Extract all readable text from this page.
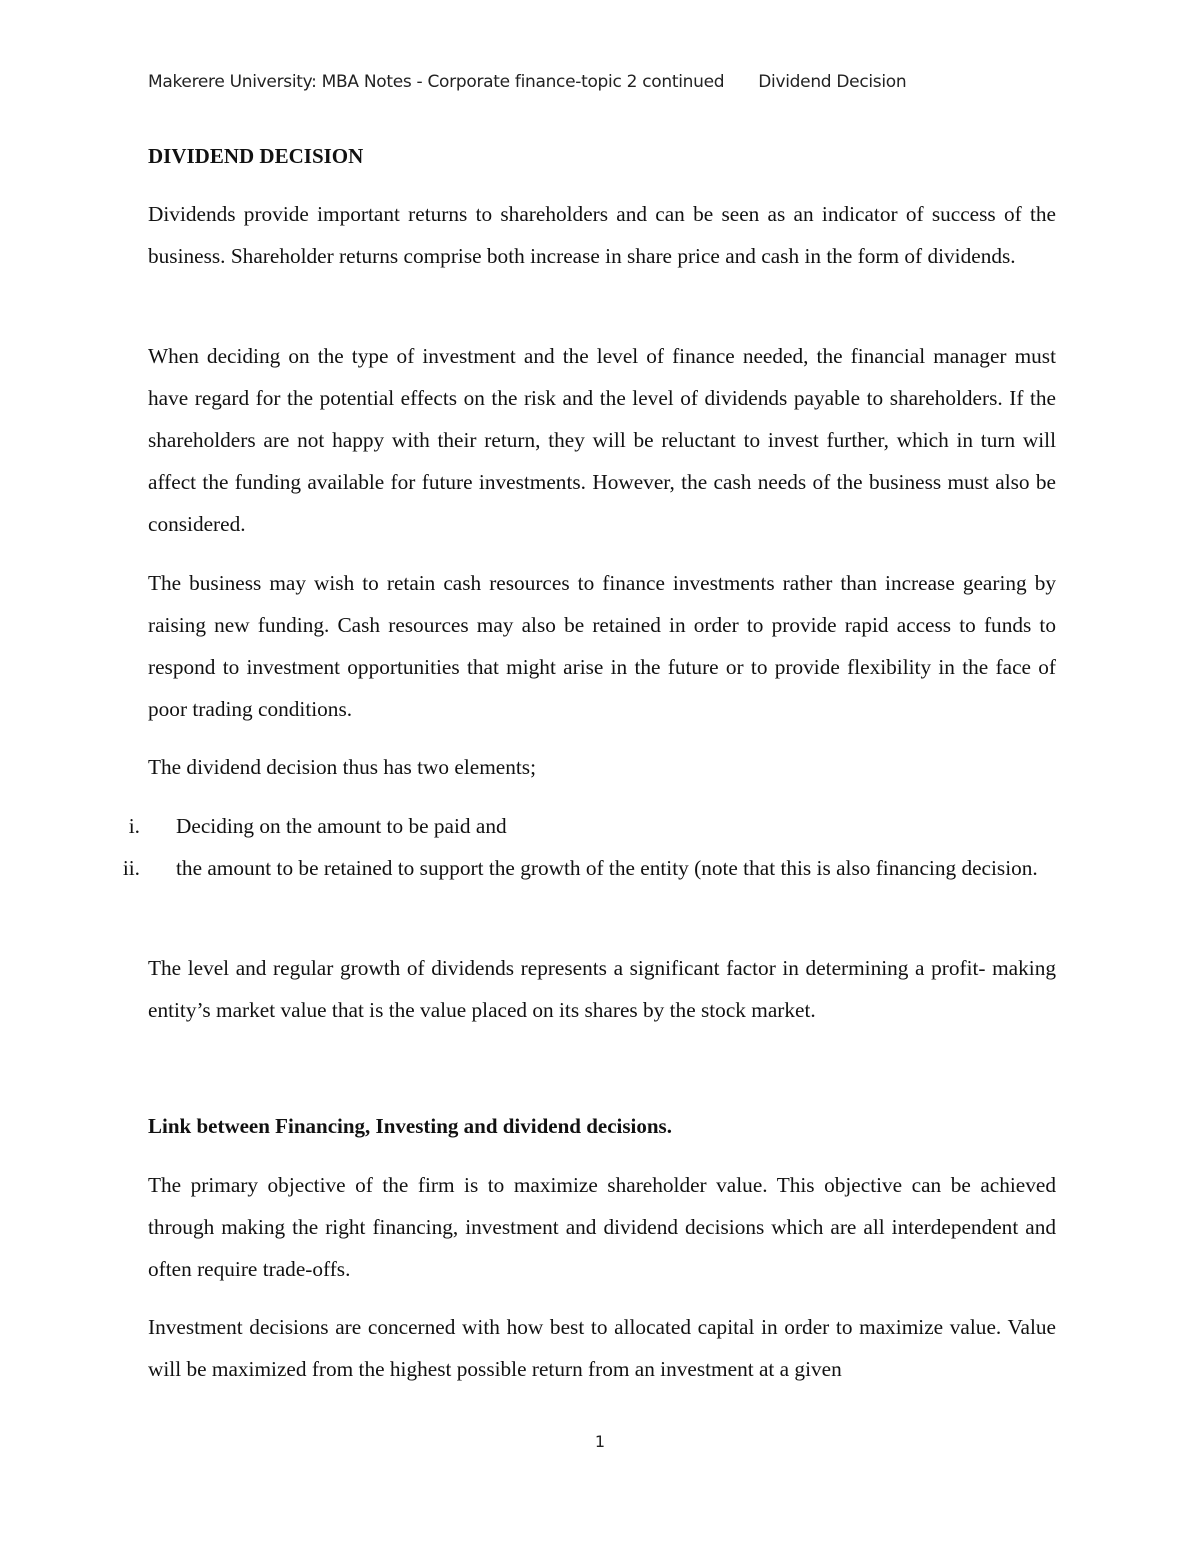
Makerere University: MBA Notes - Corporate finance-topic 2 continued Dividend Decision
DIVIDEND DECISION

Dividends provide important returns to shareholders and can be seen as an indicator of success of the business. Shareholder returns comprise both increase in share price and cash in the form of dividends.

When deciding on the type of investment and the level of finance needed, the financial manager must have regard for the potential effects on the risk and the level of dividends payable to shareholders. If the shareholders are not happy with their return, they will be reluctant to invest further, which in turn will affect the funding available for future investments. However, the cash needs of the business must also be considered.

The business may wish to retain cash resources to finance investments rather than increase gearing by raising new funding. Cash resources may also be retained in order to provide rapid access to funds to respond to investment opportunities that might arise in the future or to provide flexibility in the face of poor trading conditions.

The dividend decision thus has two elements;

i. Deciding on the amount to be paid and
ii. the amount to be retained to support the growth of the entity (note that this is also financing decision.

The level and regular growth of dividends represents a significant factor in determining a profit- making entity’s market value that is the value placed on its shares by the stock market.

Link between Financing, Investing and dividend decisions.

The primary objective of the firm is to maximize shareholder value. This objective can be achieved through making the right financing, investment and dividend decisions which are all interdependent and often require trade-offs.

Investment decisions are concerned with how best to allocated capital in order to maximize value. Value will be maximized from the highest possible return from an investment at a given

1
